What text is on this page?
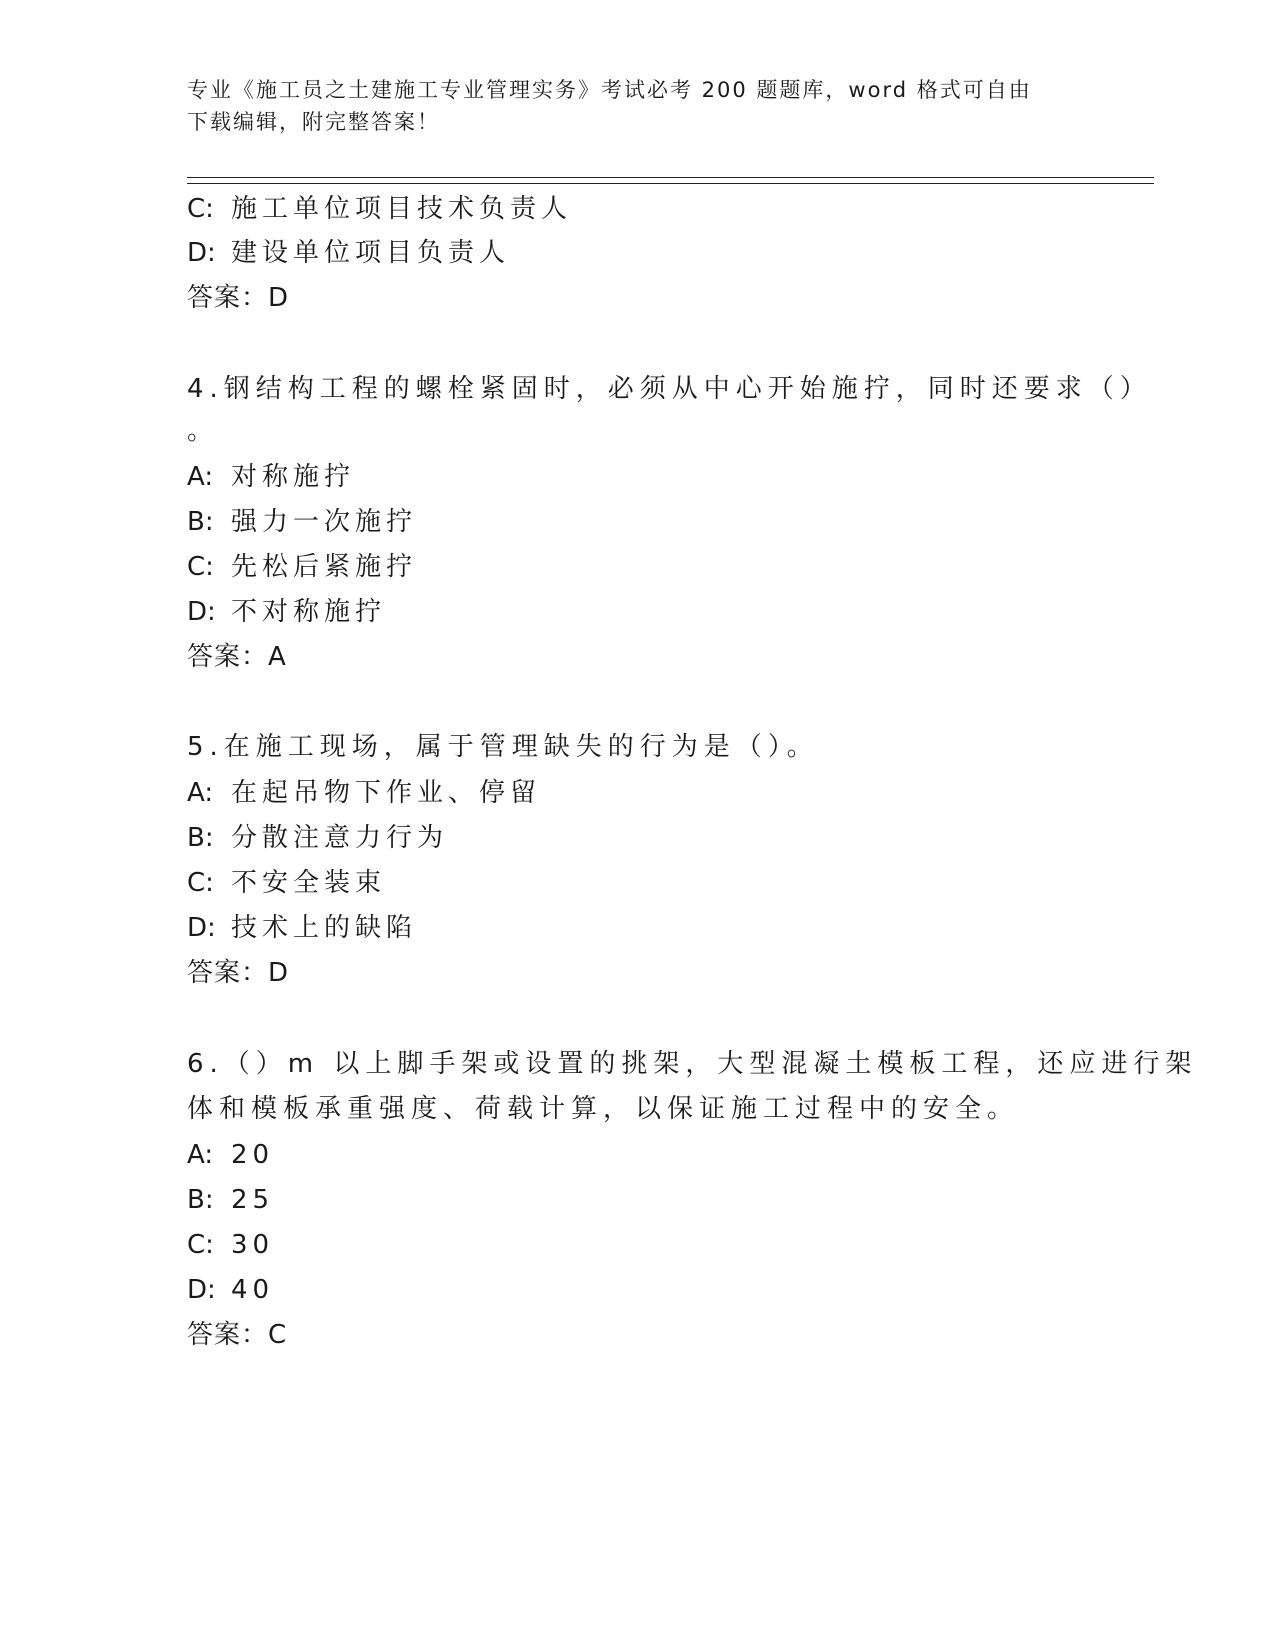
专业《施工员之土建施工专业管理实务》考试必考 200 题题库，word 格式可自由
下载编辑，附完整答案！
C: 施工单位项目技术负责人
D: 建设单位项目负责人
答案：D
4.钢结构工程的螺栓紧固时，必须从中心开始施拧，同时还要求（）
。
A: 对称施拧
B: 强力一次施拧
C: 先松后紧施拧
D: 不对称施拧
答案：A
5.在施工现场，属于管理缺失的行为是（）。
A: 在起吊物下作业、停留
B: 分散注意力行为
C: 不安全装束
D: 技术上的缺陷
答案：D
6.（）m 以上脚手架或设置的挑架，大型混凝土模板工程，还应进行架
体和模板承重强度、荷载计算，以保证施工过程中的安全。
A: 20
B: 25
C: 30
D: 40
答案：C
